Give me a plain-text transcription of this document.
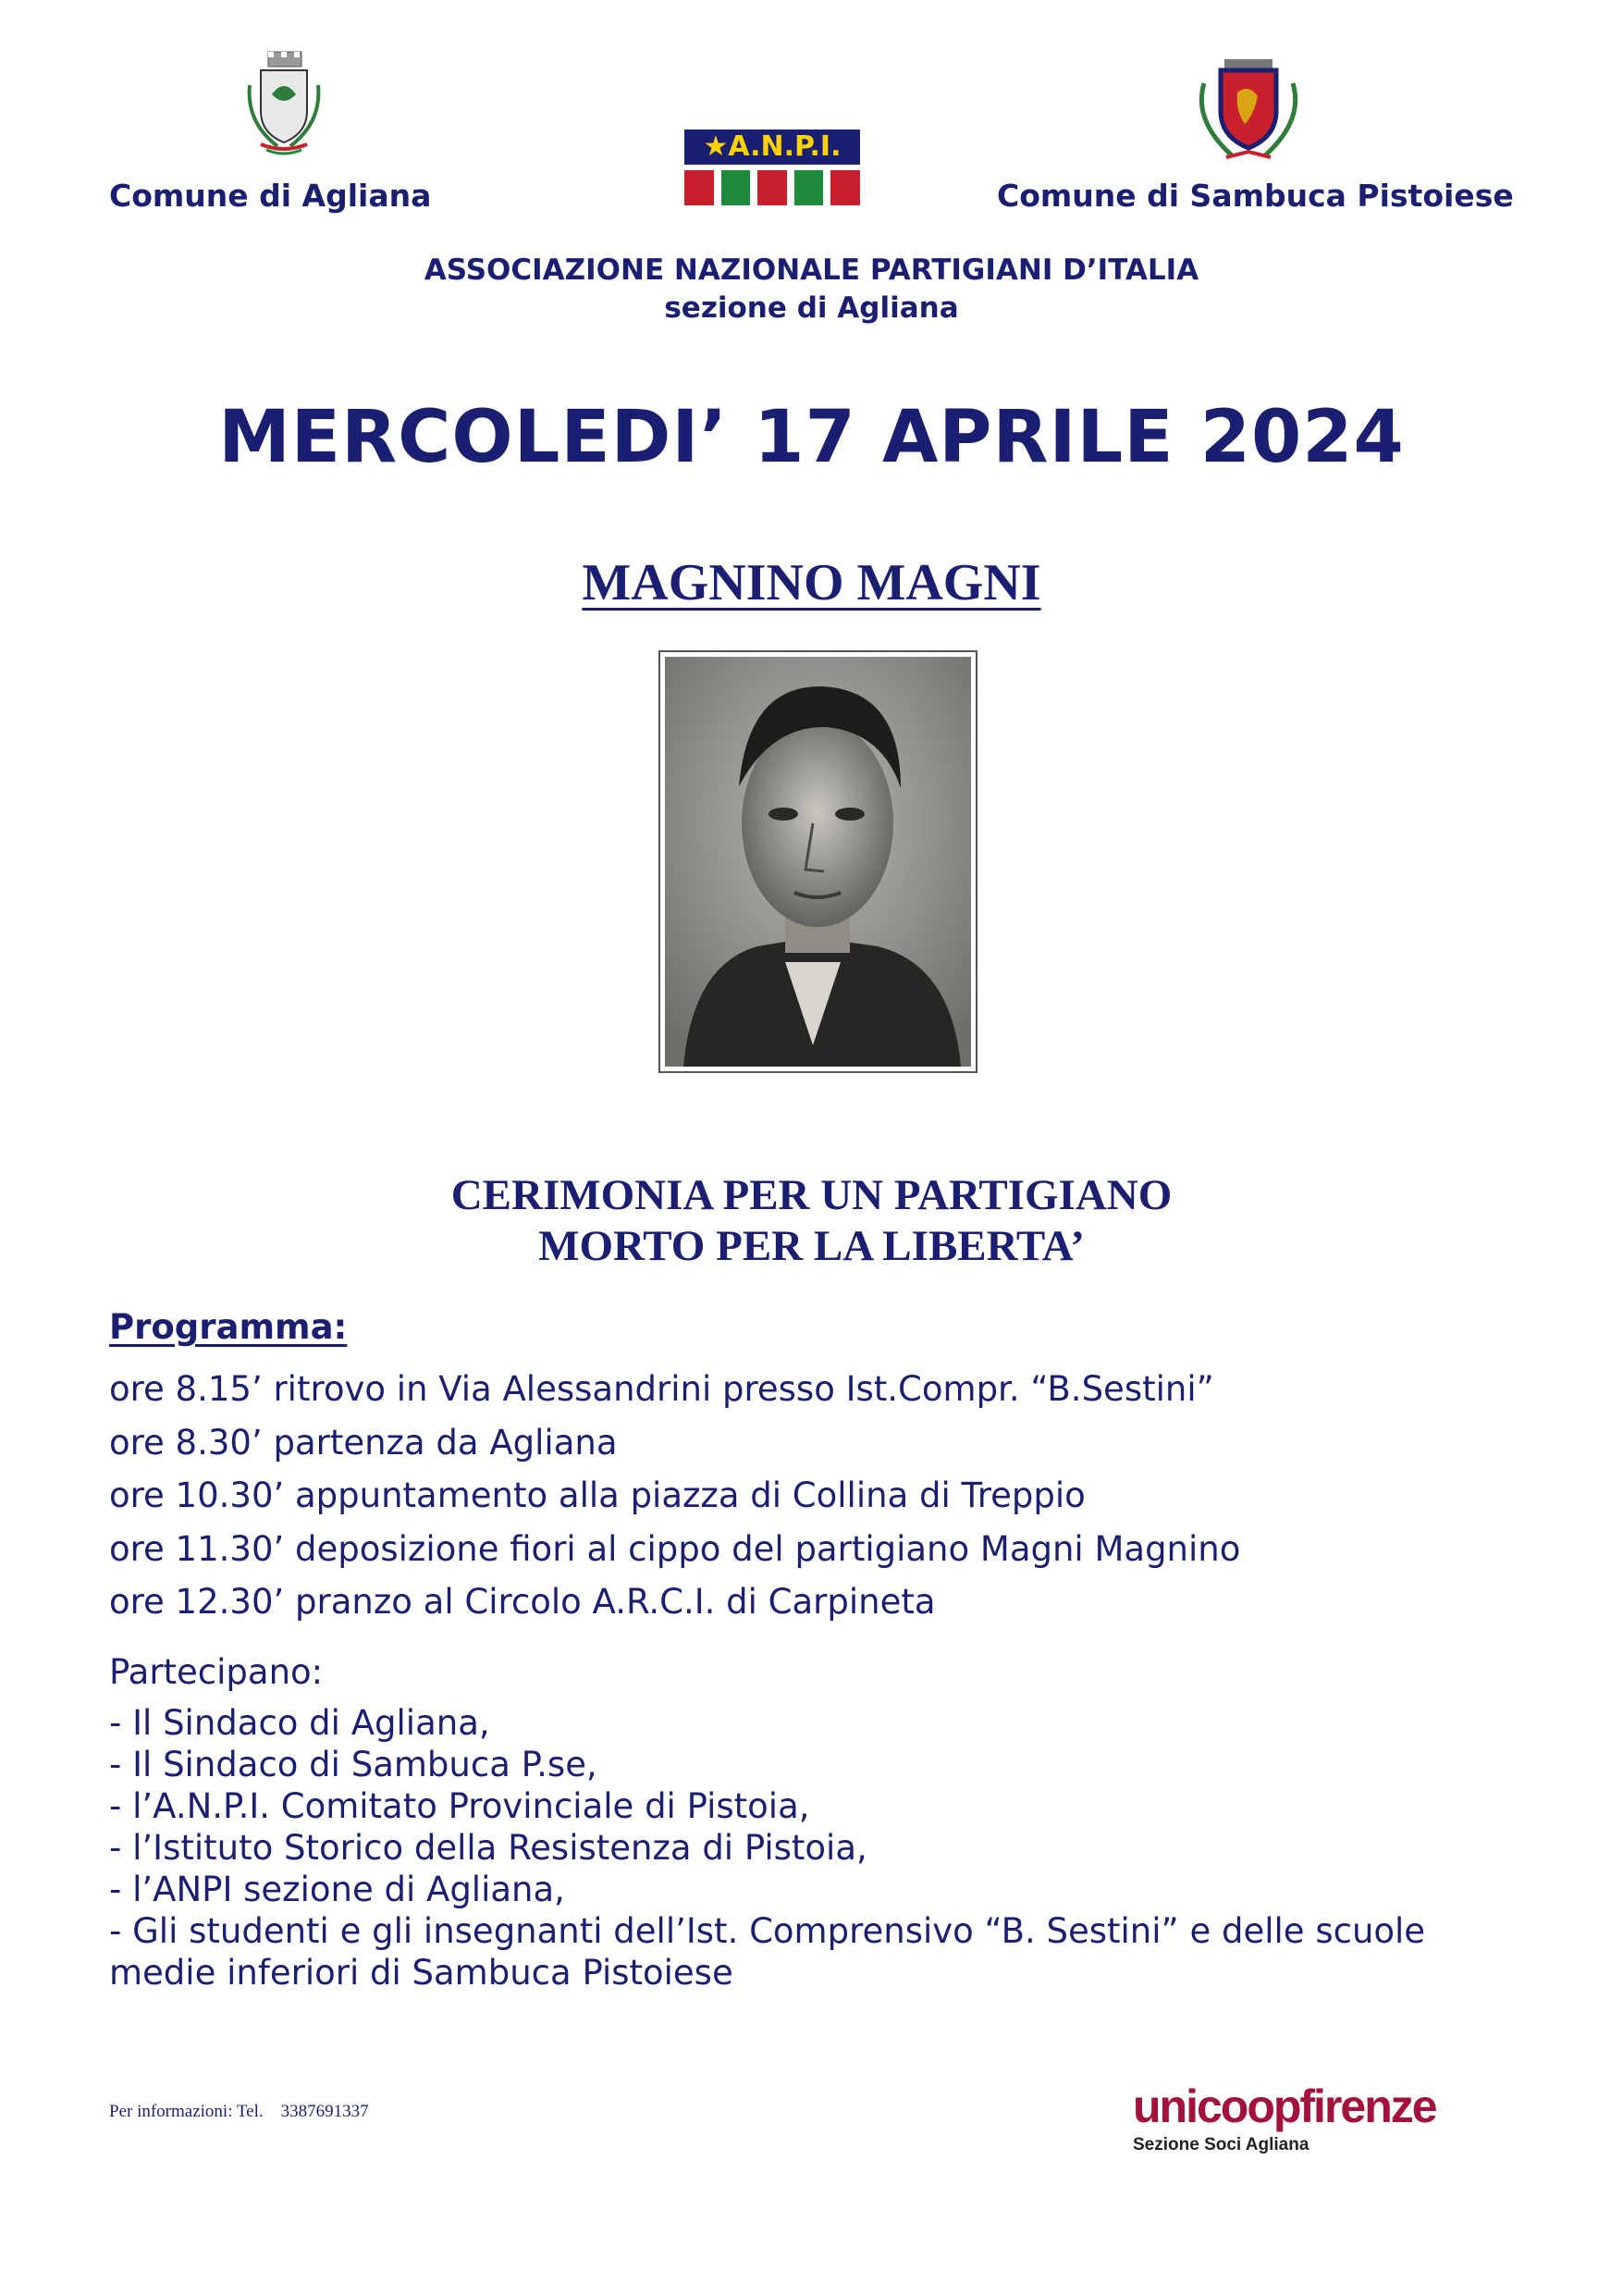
★A.N.P.I.
Comune di Agliana	Comune di Sambuca Pistoiese
ASSOCIAZIONE NAZIONALE PARTIGIANI D’ITALIA
sezione di Agliana
MERCOLEDI’ 17 APRILE 2024
MAGNINO MAGNI
CERIMONIA PER UN PARTIGIANO
MORTO PER LA LIBERTA’
Programma:
ore 8.15’ ritrovo in Via Alessandrini presso Ist.Compr. “B.Sestini”
ore 8.30’ partenza da Agliana
ore 10.30’ appuntamento alla piazza di Collina di Treppio
ore 11.30’ deposizione fiori al cippo del partigiano Magni Magnino
ore 12.30’ pranzo al Circolo A.R.C.I. di Carpineta
Partecipano:
- Il Sindaco di Agliana,
- Il Sindaco di Sambuca P.se,
- l’A.N.P.I. Comitato Provinciale di Pistoia,
- l’Istituto Storico della Resistenza di Pistoia,
- l’ANPI sezione di Agliana,
- Gli studenti e gli insegnanti dell’Ist. Comprensivo “B. Sestini” e delle scuole medie inferiori di Sambuca Pistoiese
Per informazioni: Tel.    3387691337	unicoopfirenze
Sezione Soci Agliana
